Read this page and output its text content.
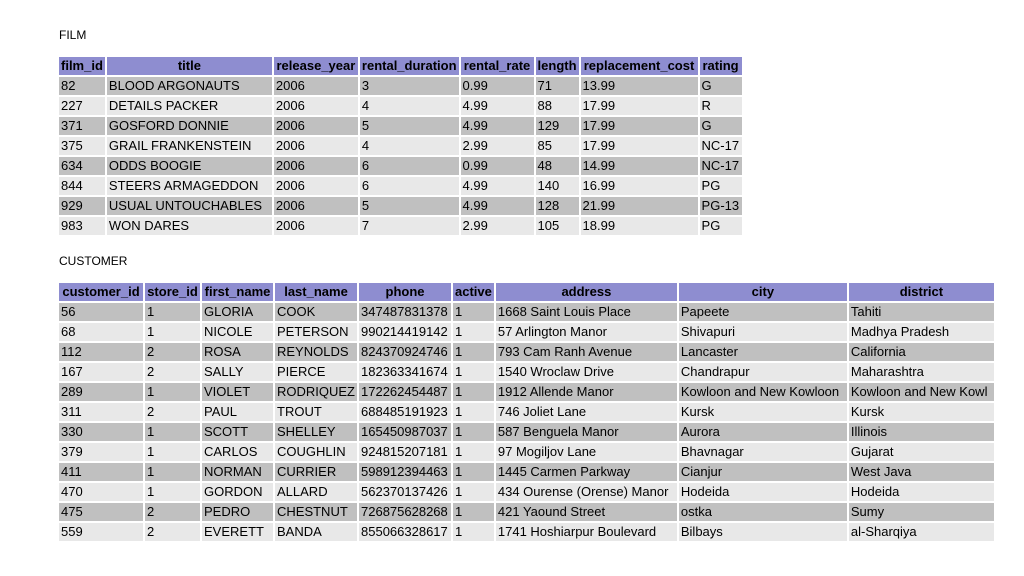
FILM
film_id	title	release_year	rental_duration	rental_rate	length	replacement_cost	rating
82	BLOOD ARGONAUTS	2006	3	0.99	71	13.99	G
227	DETAILS PACKER	2006	4	4.99	88	17.99	R
371	GOSFORD DONNIE	2006	5	4.99	129	17.99	G
375	GRAIL FRANKENSTEIN	2006	4	2.99	85	17.99	NC-17
634	ODDS BOOGIE	2006	6	0.99	48	14.99	NC-17
844	STEERS ARMAGEDDON	2006	6	4.99	140	16.99	PG
929	USUAL UNTOUCHABLES	2006	5	4.99	128	21.99	PG-13
983	WON DARES	2006	7	2.99	105	18.99	PG
CUSTOMER
customer_id	store_id	first_name	last_name	phone	active	address	city	district
56	1	GLORIA	COOK	347487831378	1	1668 Saint Louis Place	Papeete	Tahiti
68	1	NICOLE	PETERSON	990214419142	1	57 Arlington Manor	Shivapuri	Madhya Pradesh
112	2	ROSA	REYNOLDS	824370924746	1	793 Cam Ranh Avenue	Lancaster	California
167	2	SALLY	PIERCE	182363341674	1	1540 Wroclaw Drive	Chandrapur	Maharashtra
289	1	VIOLET	RODRIQUEZ	172262454487	1	1912 Allende Manor	Kowloon and New Kowloon	Kowloon and New Kowl
311	2	PAUL	TROUT	688485191923	1	746 Joliet Lane	Kursk	Kursk
330	1	SCOTT	SHELLEY	165450987037	1	587 Benguela Manor	Aurora	Illinois
379	1	CARLOS	COUGHLIN	924815207181	1	97 Mogiljov Lane	Bhavnagar	Gujarat
411	1	NORMAN	CURRIER	598912394463	1	1445 Carmen Parkway	Cianjur	West Java
470	1	GORDON	ALLARD	562370137426	1	434 Ourense (Orense) Manor	Hodeida	Hodeida
475	2	PEDRO	CHESTNUT	726875628268	1	421 Yaound Street	ostka	Sumy
559	2	EVERETT	BANDA	855066328617	1	1741 Hoshiarpur Boulevard	Bilbays	al-Sharqiya
